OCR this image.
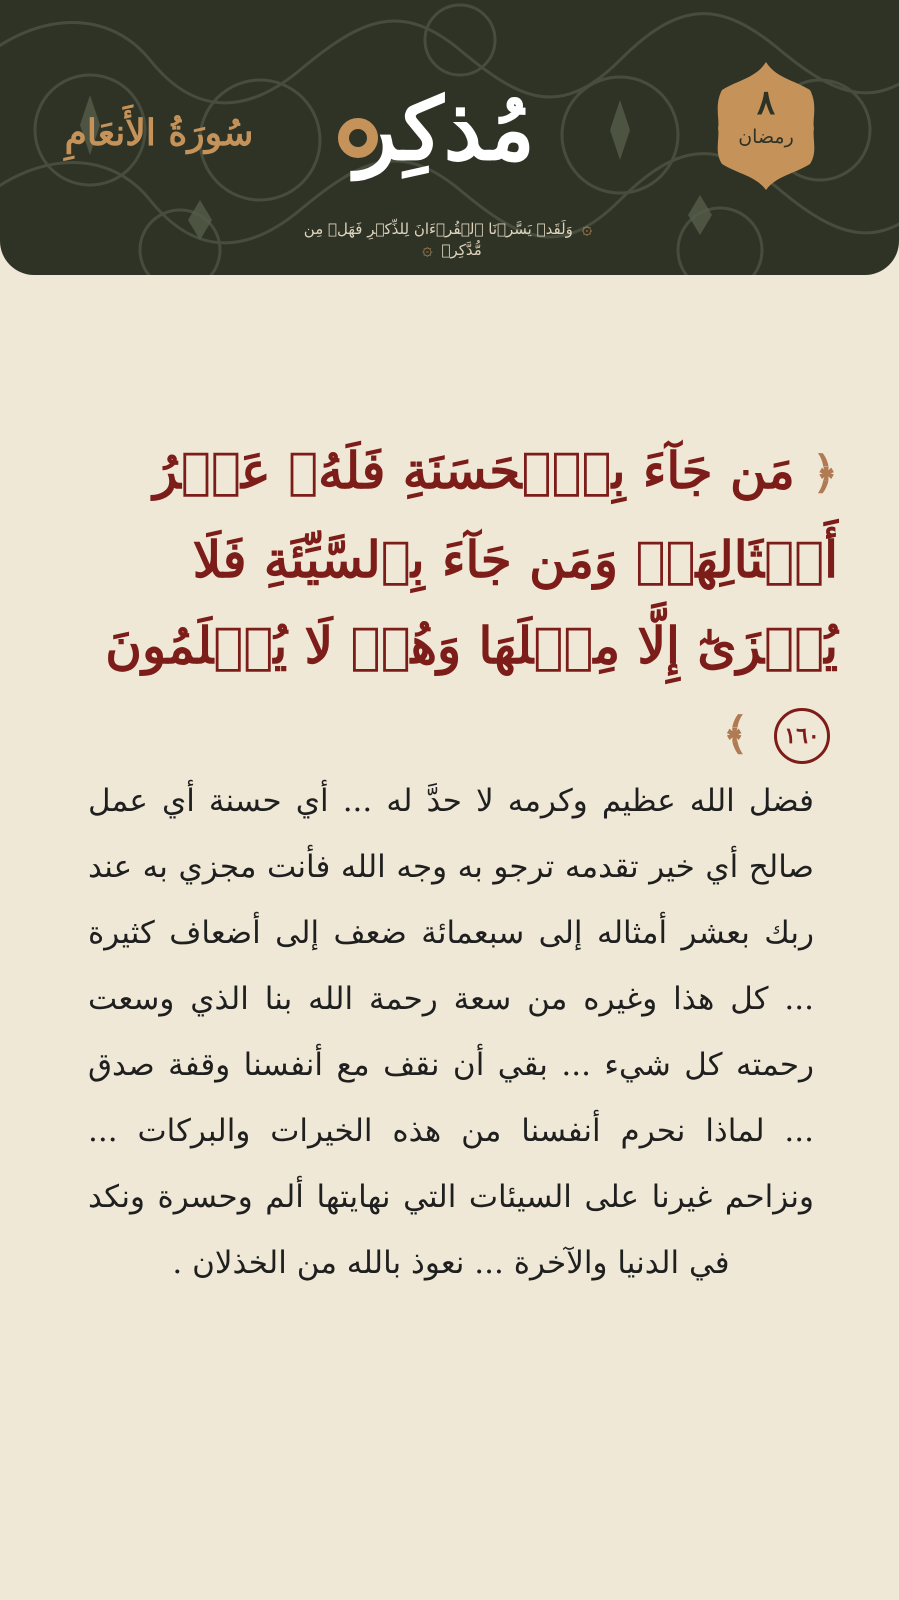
٨
رمضان
مُذكِر
۞ وَلَقَدۡ يَسَّرۡنَا ٱلۡقُرۡءَانَ لِلذِّكۡرِ فَهَلۡ مِن مُّدَّكِرٖ ۞
سُورَةُ الأَنعَامِ
﴿ مَن جَآءَ بِٱلۡحَسَنَةِ فَلَهُۥ عَشۡرُ أَمۡثَالِهَاۖ وَمَن جَآءَ بِٱلسَّيِّئَةِ فَلَا يُجۡزَىٰٓ إِلَّا مِثۡلَهَا وَهُمۡ لَا يُظۡلَمُونَ ١٦٠ ﴾
فضل الله عظيم وكرمه لا حدَّ له ... أي حسنة أي عمل صالح أي خير تقدمه ترجو به وجه الله فأنت مجزي به عند ربك بعشر أمثاله إلى سبعمائة ضعف إلى أضعاف كثيرة ... كل هذا وغيره من سعة رحمة الله بنا الذي وسعت رحمته كل شيء ... بقي أن نقف مع أنفسنا وقفة صدق ... لماذا نحرم أنفسنا من هذه الخيرات والبركات ... ونزاحم غيرنا على السيئات التي نهايتها ألم وحسرة ونكد في الدنيا والآخرة ... نعوذ بالله من الخذلان .
